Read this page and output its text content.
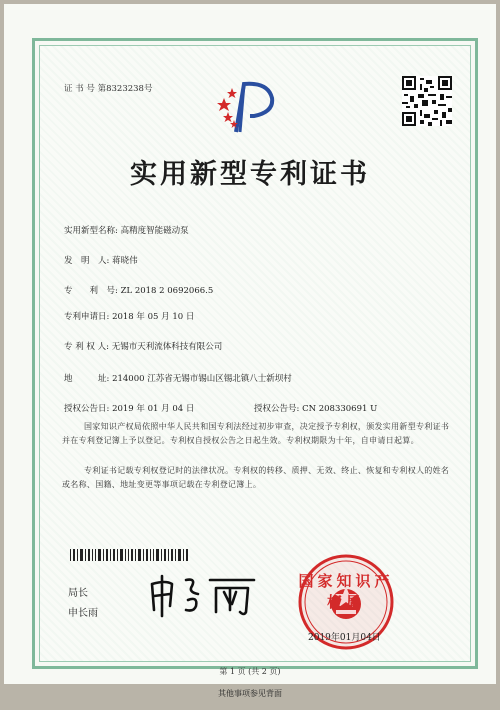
证 书 号 第8323238号
实用新型专利证书
实用新型名称: 高精度智能磁动泵
发　明　人: 蒋晓伟
专　　利　号: ZL 2018 2 0692066.5
专利申请日: 2018 年 05 月 10 日
专 利 权 人: 无锡市天利流体科技有限公司
地　　　址: 214000 江苏省无锡市锡山区锡北镇八士新坝村
授权公告日: 2019 年 01 月 04 日	授权公告号: CN 208330691 U
国家知识产权局依照中华人民共和国专利法经过初步审查，决定授予专利权，颁发实用新型专利证书并在专利登记簿上予以登记。专利权自授权公告之日起生效。专利权期限为十年，自申请日起算。
专利证书记载专利权登记时的法律状况。专利权的转移、质押、无效、终止、恢复和专利权人的姓名或名称、国籍、地址变更等事项记载在专利登记簿上。
局长
申长雨
国家知识产权局
2019年01月04日
第 1 页 (共 2 页)
其他事项参见背面
